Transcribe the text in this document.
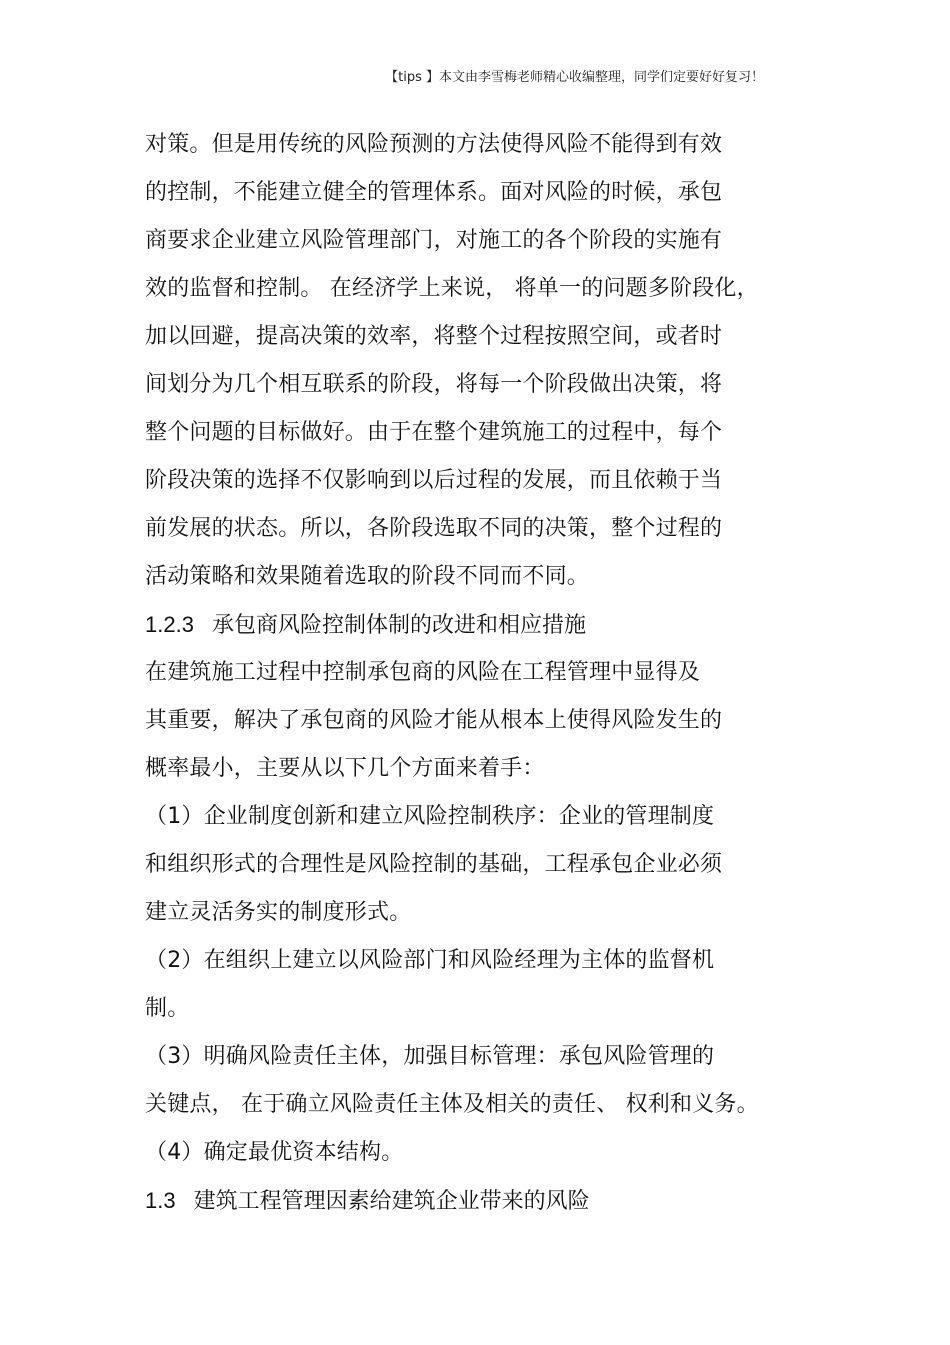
【tips 】本文由李雪梅老师精心收编整理，同学们定要好好复习！
对策。但是用传统的风险预测的方法使得风险不能得到有效
的控制，不能建立健全的管理体系。面对风险的时候，承包
商要求企业建立风险管理部门，对施工的各个阶段的实施有
效的监督和控制。 在经济学上来说， 将单一的问题多阶段化，
加以回避，提高决策的效率，将整个过程按照空间，或者时
间划分为几个相互联系的阶段，将每一个阶段做出决策，将
整个问题的目标做好。由于在整个建筑施工的过程中，每个
阶段决策的选择不仅影响到以后过程的发展，而且依赖于当
前发展的状态。所以，各阶段选取不同的决策，整个过程的
活动策略和效果随着选取的阶段不同而不同。
1.2.3 承包商风险控制体制的改进和相应措施
在建筑施工过程中控制承包商的风险在工程管理中显得及
其重要，解决了承包商的风险才能从根本上使得风险发生的
概率最小，主要从以下几个方面来着手：
（1）企业制度创新和建立风险控制秩序：企业的管理制度
和组织形式的合理性是风险控制的基础，工程承包企业必须
建立灵活务实的制度形式。
（2）在组织上建立以风险部门和风险经理为主体的监督机
制。
（3）明确风险责任主体，加强目标管理：承包风险管理的
关键点， 在于确立风险责任主体及相关的责任、 权利和义务。
（4）确定最优资本结构。
1.3 建筑工程管理因素给建筑企业带来的风险
